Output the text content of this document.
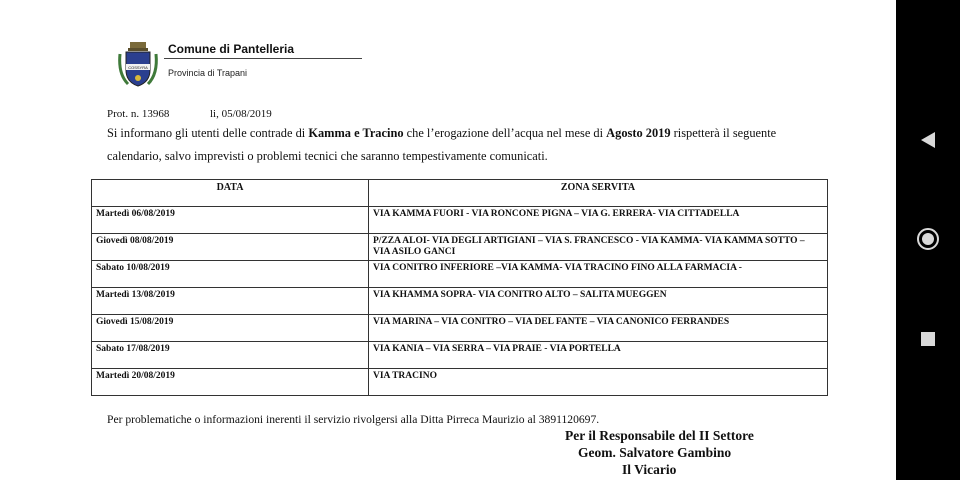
COSSYRA
Comune di Pantelleria
Provincia di Trapani
Prot. n. 13968	li, 05/08/2019
Si informano gli utenti delle contrade di Kamma e Tracino che l’erogazione dell’acqua nel mese di Agosto 2019 rispetterà il seguente
calendario, salvo imprevisti o problemi tecnici che saranno tempestivamente comunicati.
DATA	ZONA SERVITA
Martedì 06/08/2019	VIA KAMMA FUORI - VIA RONCONE PIGNA – VIA G. ERRERA- VIA CITTADELLA
Giovedì 08/08/2019	P/ZZA ALOI- VIA DEGLI ARTIGIANI – VIA S. FRANCESCO - VIA KAMMA- VIA KAMMA SOTTO – VIA ASILO GANCI
Sabato 10/08/2019	VIA CONITRO INFERIORE –VIA KAMMA- VIA TRACINO FINO ALLA FARMACIA -
Martedì 13/08/2019	VIA KHAMMA SOPRA- VIA CONITRO ALTO – SALITA MUEGGEN
Giovedì 15/08/2019	VIA MARINA – VIA CONITRO – VIA DEL FANTE – VIA CANONICO FERRANDES
Sabato 17/08/2019	VIA KANIA – VIA SERRA – VIA PRAIE - VIA PORTELLA
Martedì 20/08/2019	VIA TRACINO
Per problematiche o informazioni inerenti il servizio rivolgersi alla Ditta Pirreca Maurizio al 3891120697.
Per il Responsabile del II Settore
Geom. Salvatore Gambino
Il Vicario
